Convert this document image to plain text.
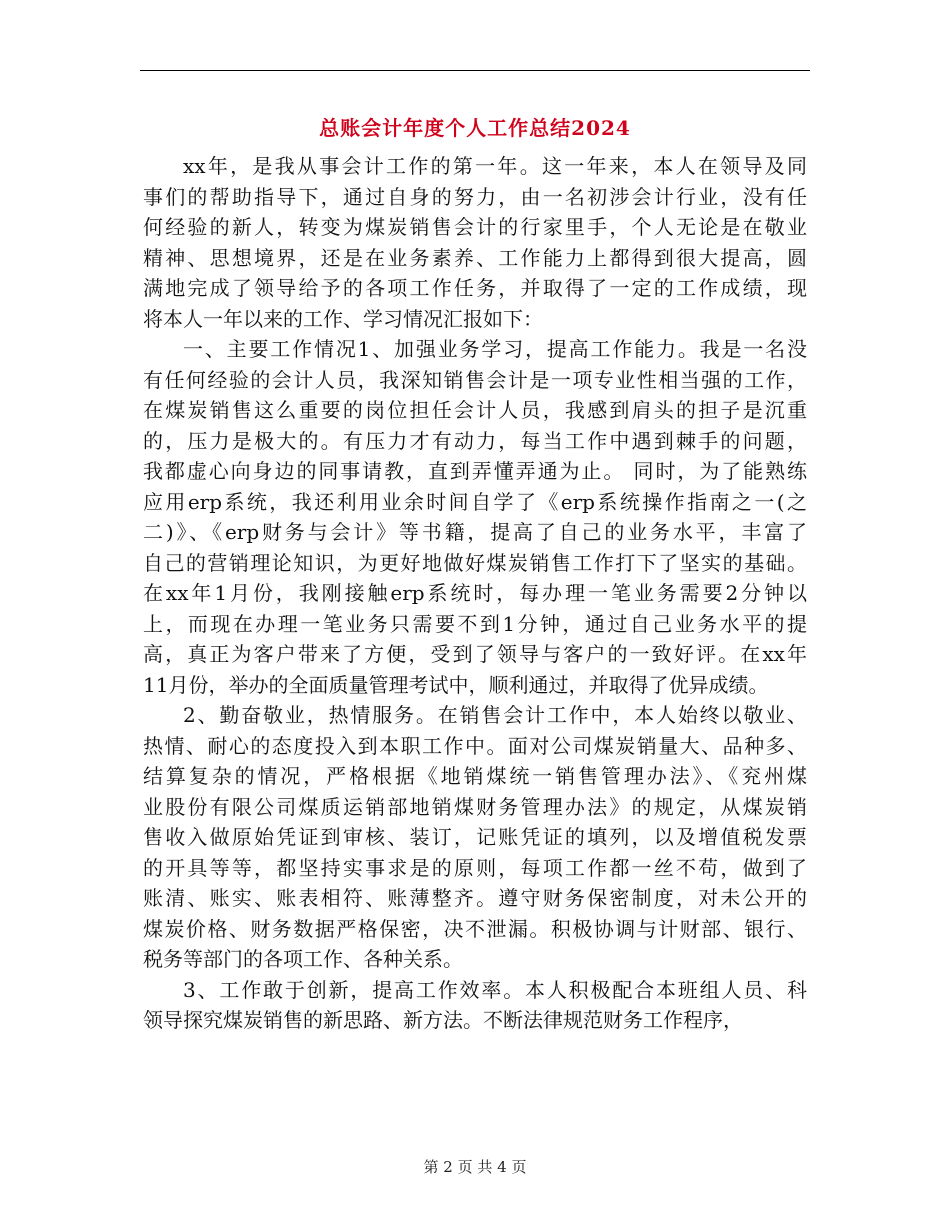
总账会计年度个人工作总结2024
xx年，是我从事会计工作的第一年。这一年来，本人在领导及同
事们的帮助指导下，通过自身的努力，由一名初涉会计行业，没有任
何经验的新人，转变为煤炭销售会计的行家里手，个人无论是在敬业
精神、思想境界，还是在业务素养、工作能力上都得到很大提高，圆
满地完成了领导给予的各项工作任务，并取得了一定的工作成绩，现
将本人一年以来的工作、学习情况汇报如下：
一、主要工作情况1、加强业务学习，提高工作能力。我是一名没
有任何经验的会计人员，我深知销售会计是一项专业性相当强的工作，
在煤炭销售这么重要的岗位担任会计人员，我感到肩头的担子是沉重
的，压力是极大的。有压力才有动力，每当工作中遇到棘手的问题，
我都虚心向身边的同事请教，直到弄懂弄通为止。 同时，为了能熟练
应用erp系统，我还利用业余时间自学了《erp系统操作指南之一(之
二)》、《erp财务与会计》等书籍，提高了自己的业务水平，丰富了
自己的营销理论知识，为更好地做好煤炭销售工作打下了坚实的基础。
在xx年1月份，我刚接触erp系统时，每办理一笔业务需要2分钟以
上，而现在办理一笔业务只需要不到1分钟，通过自己业务水平的提
高，真正为客户带来了方便，受到了领导与客户的一致好评。在xx年
11月份，举办的全面质量管理考试中，顺利通过，并取得了优异成绩。
2、勤奋敬业，热情服务。在销售会计工作中，本人始终以敬业、
热情、耐心的态度投入到本职工作中。面对公司煤炭销量大、品种多、
结算复杂的情况，严格根据《地销煤统一销售管理办法》、《兖州煤
业股份有限公司煤质运销部地销煤财务管理办法》的规定，从煤炭销
售收入做原始凭证到审核、装订，记账凭证的填列，以及增值税发票
的开具等等，都坚持实事求是的原则，每项工作都一丝不苟，做到了
账清、账实、账表相符、账薄整齐。遵守财务保密制度，对未公开的
煤炭价格、财务数据严格保密，决不泄漏。积极协调与计财部、银行、
税务等部门的各项工作、各种关系。
3、工作敢于创新，提高工作效率。本人积极配合本班组人员、科
领导探究煤炭销售的新思路、新方法。不断法律规范财务工作程序，
第 2 页 共 4 页
